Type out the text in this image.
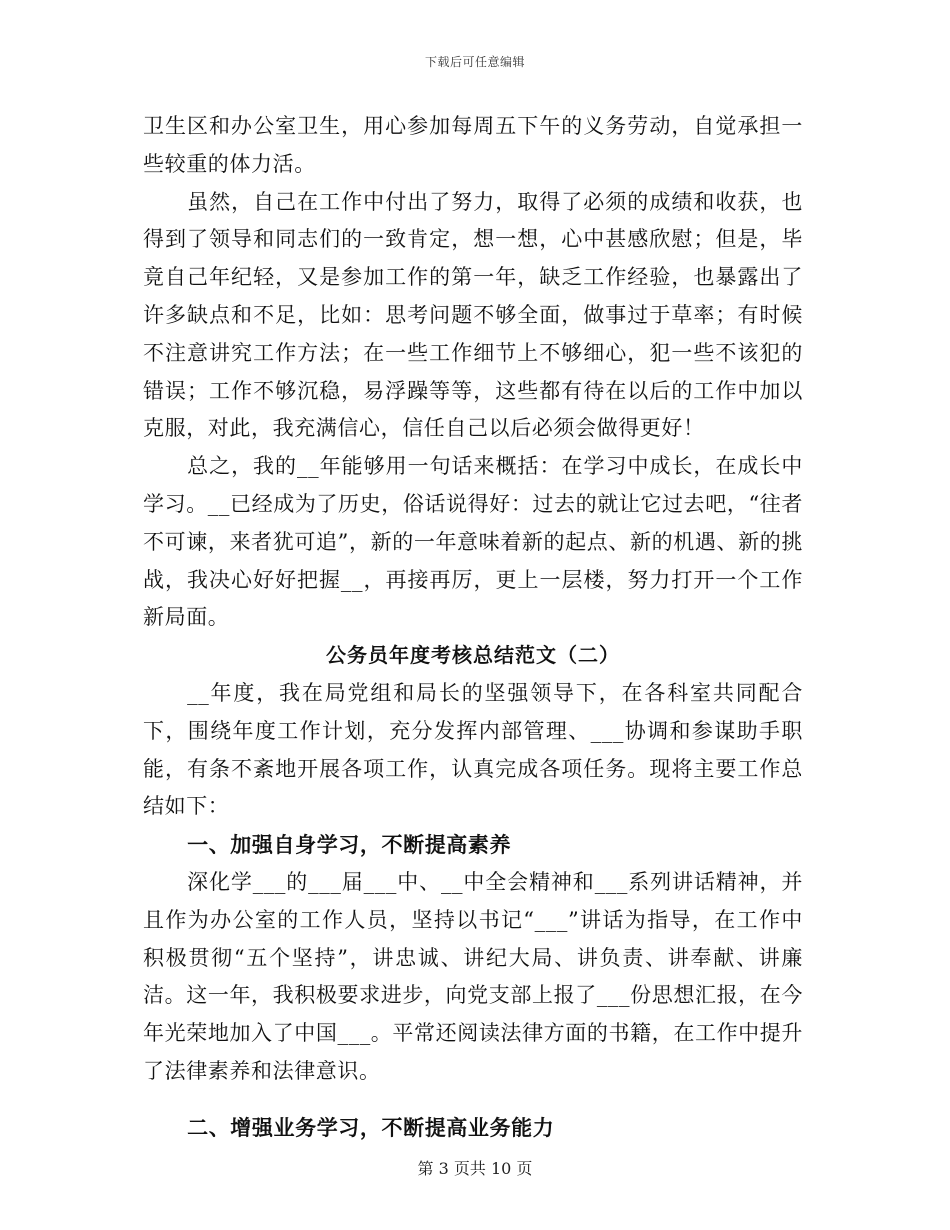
下载后可任意编辑

卫生区和办公室卫生，用心参加每周五下午的义务劳动，自觉承担一些较重的体力活。

虽然，自己在工作中付出了努力，取得了必须的成绩和收获，也得到了领导和同志们的一致肯定，想一想，心中甚感欣慰；但是，毕竟自己年纪轻，又是参加工作的第一年，缺乏工作经验，也暴露出了许多缺点和不足，比如：思考问题不够全面，做事过于草率；有时候不注意讲究工作方法；在一些工作细节上不够细心，犯一些不该犯的错误；工作不够沉稳，易浮躁等等，这些都有待在以后的工作中加以克服，对此，我充满信心，信任自己以后必须会做得更好！

总之，我的__年能够用一句话来概括：在学习中成长，在成长中学习。__已经成为了历史，俗话说得好：过去的就让它过去吧，“往者不可谏，来者犹可追”，新的一年意味着新的起点、新的机遇、新的挑战，我决心好好把握__，再接再厉，更上一层楼，努力打开一个工作新局面。

公务员年度考核总结范文（二）

__年度，我在局党组和局长的坚强领导下，在各科室共同配合下，围绕年度工作计划，充分发挥内部管理、___协调和参谋助手职能，有条不紊地开展各项工作，认真完成各项任务。现将主要工作总结如下：

一、加强自身学习，不断提高素养

深化学___的___届___中、__中全会精神和___系列讲话精神，并且作为办公室的工作人员，坚持以书记“___”讲话为指导，在工作中积极贯彻“五个坚持”，讲忠诚、讲纪大局、讲负责、讲奉献、讲廉洁。这一年，我积极要求进步，向党支部上报了___份思想汇报，在今年光荣地加入了中国___。平常还阅读法律方面的书籍，在工作中提升了法律素养和法律意识。

二、增强业务学习，不断提高业务能力

第 3 页共 10 页
